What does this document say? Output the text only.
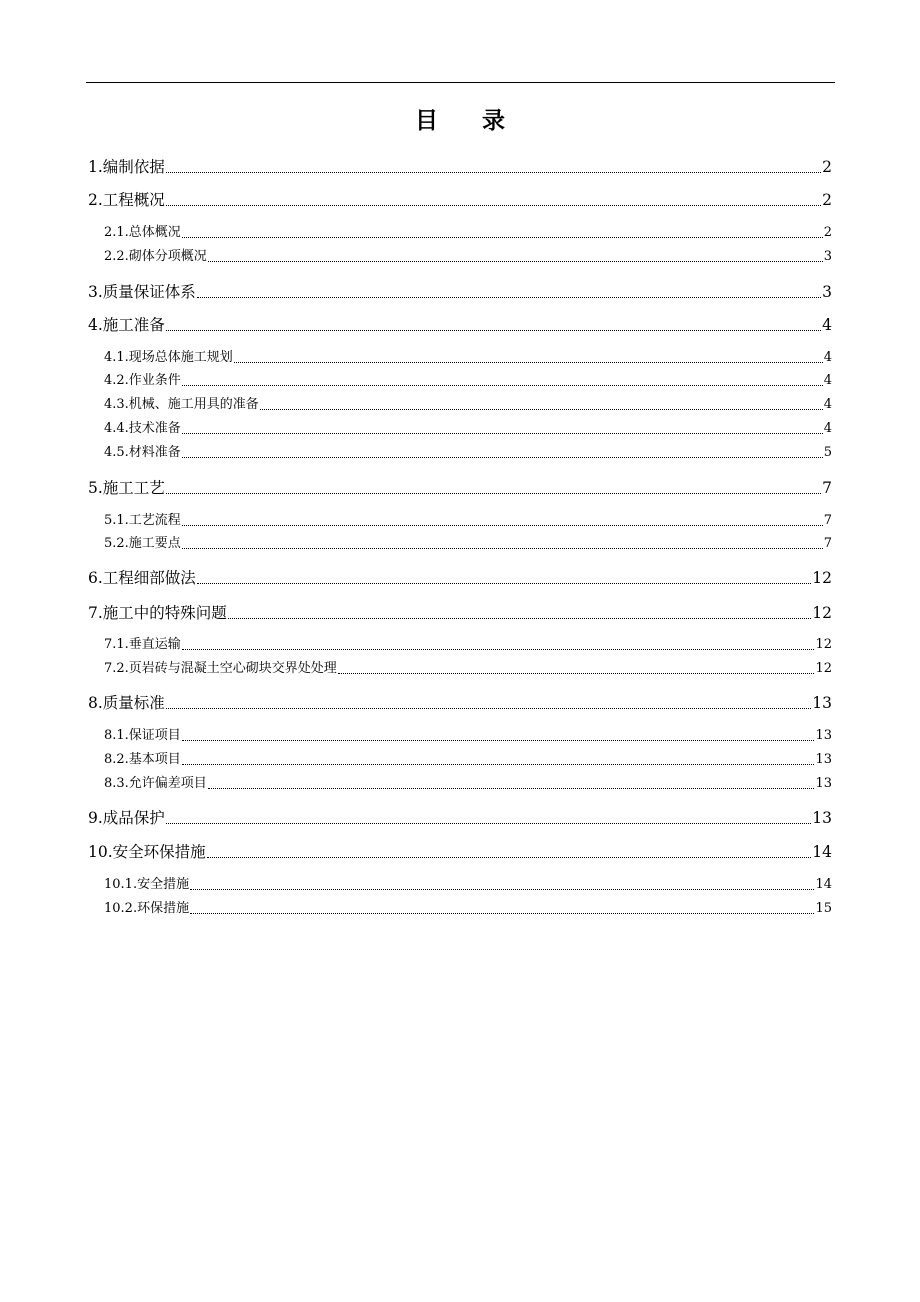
目 录
1.编制依据	2
2.工程概况	2
2.1.总体概况	2
2.2.砌体分项概况	3
3.质量保证体系	3
4.施工准备	4
4.1.现场总体施工规划	4
4.2.作业条件	4
4.3.机械、施工用具的准备	4
4.4.技术准备	4
4.5.材料准备	5
5.施工工艺	7
5.1.工艺流程	7
5.2.施工要点	7
6.工程细部做法	12
7.施工中的特殊问题	12
7.1.垂直运输	12
7.2.页岩砖与混凝土空心砌块交界处处理	12
8.质量标准	13
8.1.保证项目	13
8.2.基本项目	13
8.3.允许偏差项目	13
9.成品保护	13
10.安全环保措施	14
10.1.安全措施	14
10.2.环保措施	15
